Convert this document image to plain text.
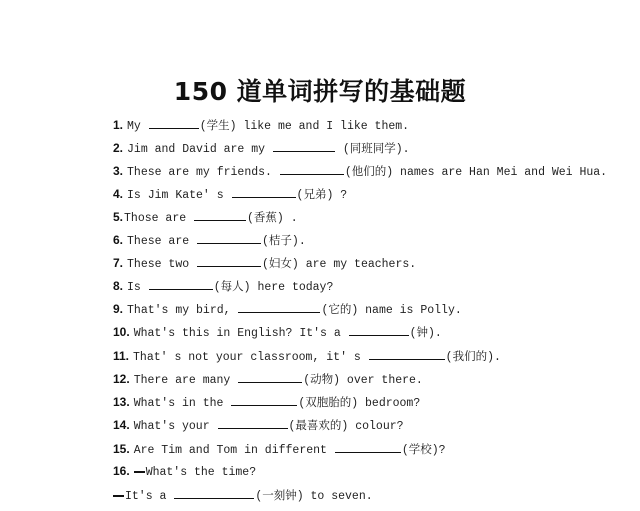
150 道单词拼写的基础题
1. My	(学生) like me and I like them.
2. Jim and David are my	(同班同学).
3. These are my friends.	(他们的) names are Han Mei and Wei Hua.
4. Is Jim Kate' s	(兄弟) ?
5.Those are	(香蕉) .
6. These are	(桔子).
7. These two	(妇女) are my teachers.
8. Is	(每人) here today?
9. That's my bird,	(它的) name is Polly.
10. What's this in English? It's a	(钟).
11. That' s not your classroom, it' s	(我们的).
12. There are many	(动物) over there.
13. What's in the	(双胞胎的) bedroom?
14. What's your	(最喜欢的) colour?
15. Are Tim and Tom in different	(学校)?
16. What's the time?
It's a	(一刻钟) to seven.
